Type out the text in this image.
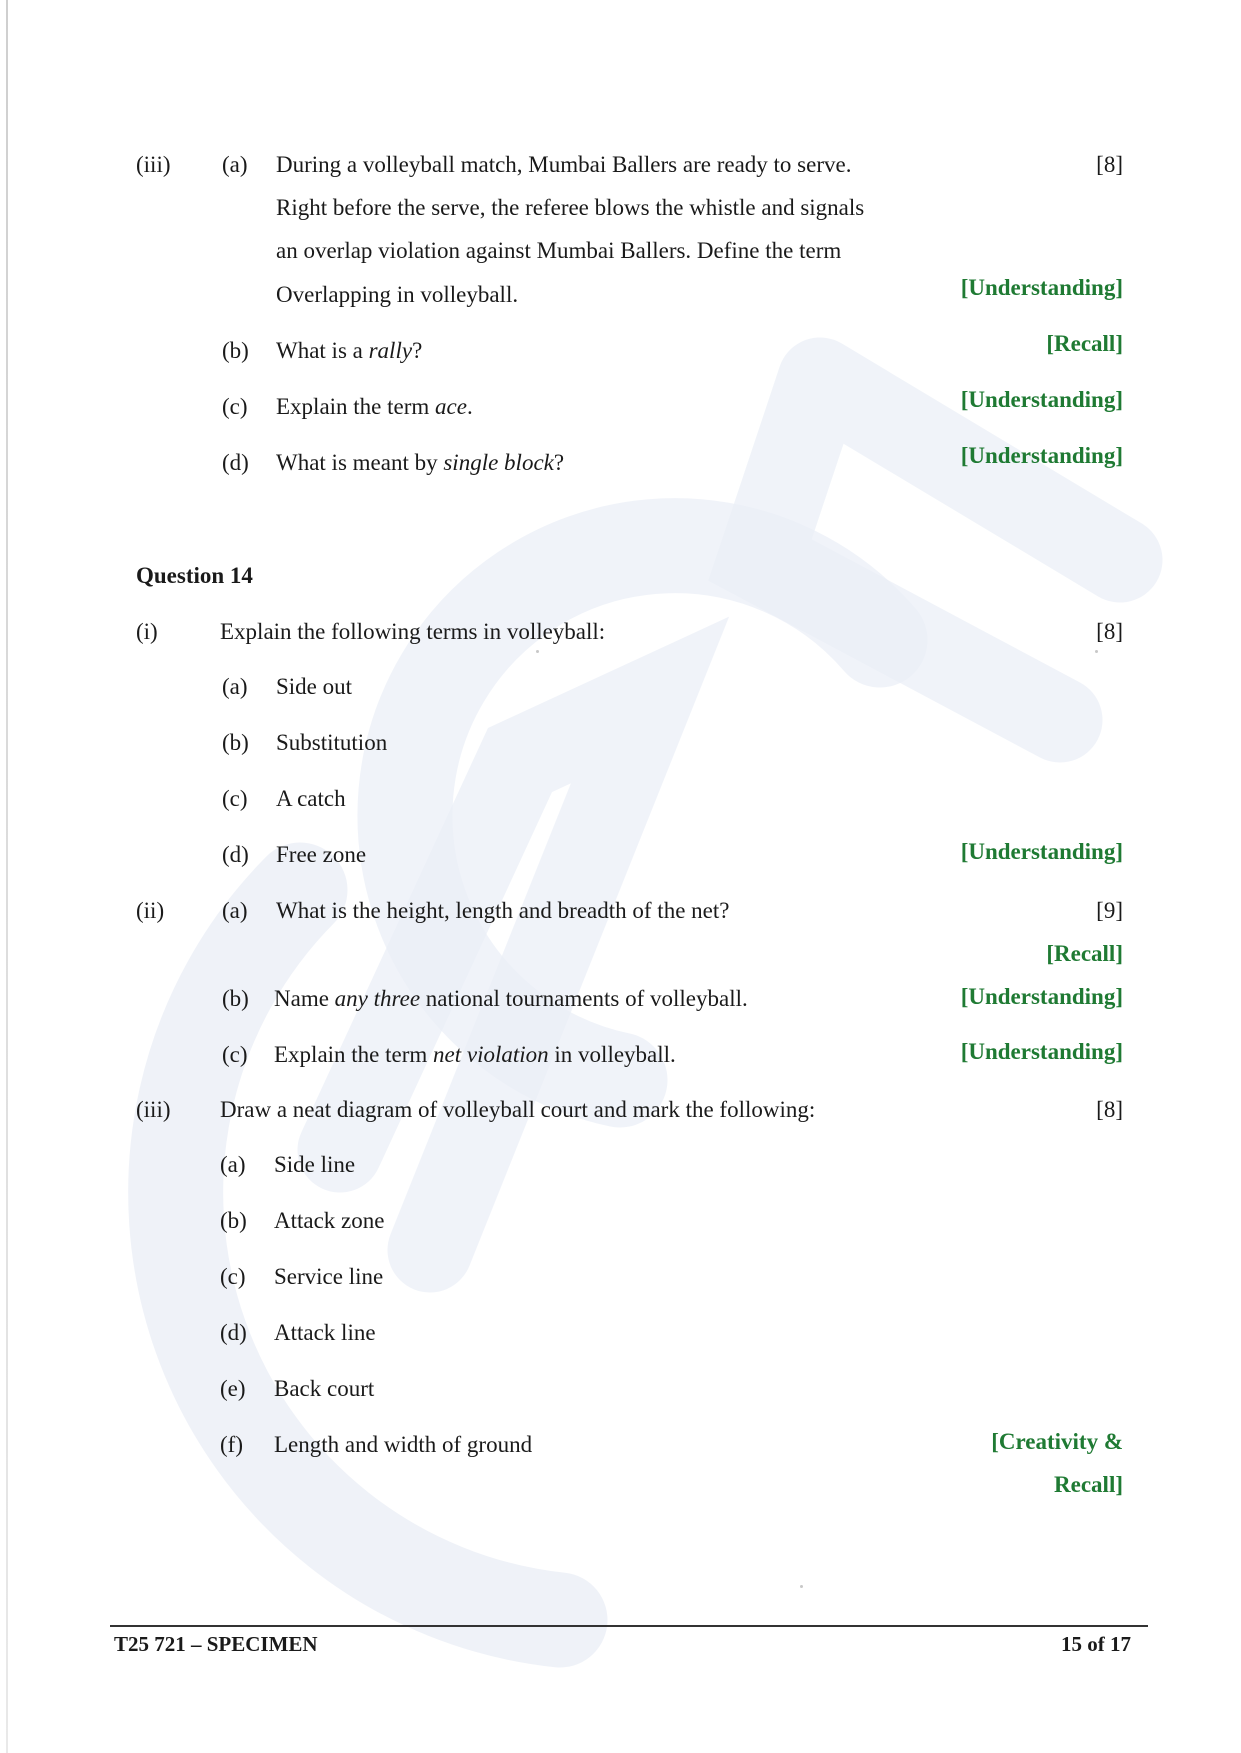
(iii) (a) During a volleyball match, Mumbai Ballers are ready to serve.
Right before the serve, the referee blows the whistle and signals
an overlap violation against Mumbai Ballers. Define the term
Overlapping in volleyball.
[8]
[Understanding]
(b) What is a rally?	[Recall]
(c) Explain the term ace.	[Understanding]
(d) What is meant by single block?	[Understanding]
Question 14
(i)	Explain the following terms in volleyball:	[8]
(a) Side out
(b) Substitution
(c) A catch
(d) Free zone	[Understanding]
(ii)	(a) What is the height, length and breadth of the net?	[9]
[Recall]
(b) Name any three national tournaments of volleyball.	[Understanding]
(c) Explain the term net violation in volleyball.	[Understanding]
(iii) Draw a neat diagram of volleyball court and mark the following:	[8]
(a) Side line
(b) Attack zone
(c) Service line
(d) Attack line
(e) Back court
(f) Length and width of ground	[Creativity &
Recall]
T25 721 – SPECIMEN	15 of 17
